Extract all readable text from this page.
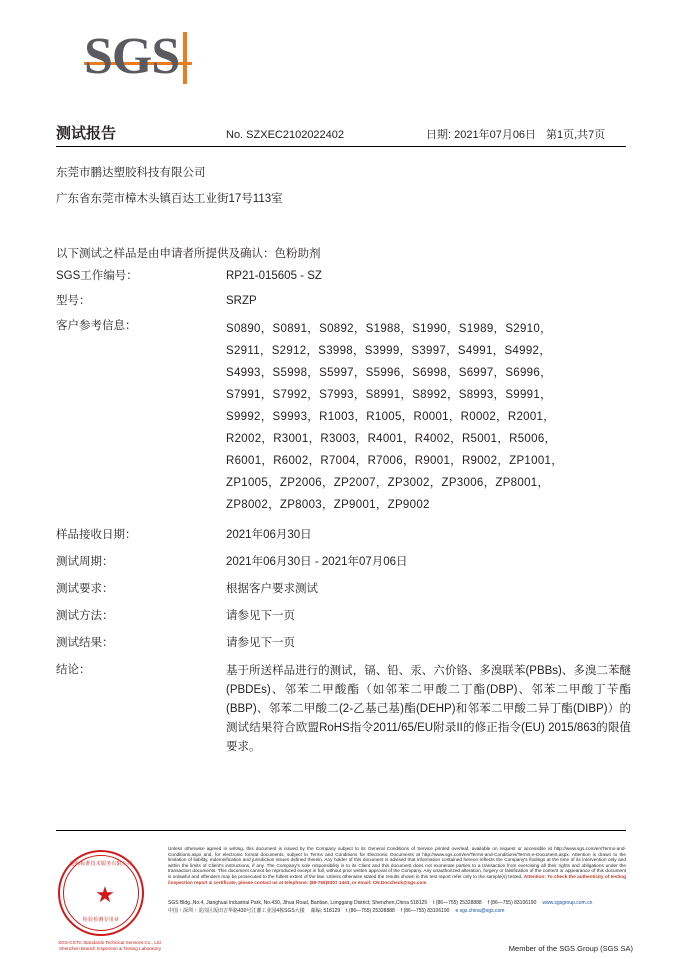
SGS
测试报告	No. SZXEC2102022402	日期: 2021年07月06日 第1页,共7页
东莞市鹏达塑胶科技有限公司
广东省东莞市樟木头镇百达工业街17号113室
以下测试之样品是由申请者所提供及确认：色粉助剂
SGS工作编号：	RP21-015605 - SZ
型号：	SRZP
客户参考信息：	S0890，S0891，S0892，S1988，S1990，S1989，S2910，
S2911，S2912，S3998，S3999，S3997，S4991，S4992，
S4993，S5998，S5997，S5996，S6998，S6997，S6996，
S7991，S7992，S7993，S8991，S8992，S8993，S9991，
S9992，S9993，R1003，R1005，R0001，R0002，R2001，
R2002，R3001，R3003，R4001，R4002，R5001，R5006，
R6001，R6002，R7004，R7006，R9001，R9002，ZP1001，
ZP1005，ZP2006，ZP2007，ZP3002，ZP3006，ZP8001，
ZP8002，ZP8003，ZP9001，ZP9002
样品接收日期：	2021年06月30日
测试周期：	2021年06月30日 - 2021年07月06日
测试要求：	根据客户要求测试
测试方法：	请参见下一页
测试结果：	请参见下一页
结论：	基于所送样品进行的测试，镉、铅、汞、六价铬、多溴联苯(PBBs)、多溴二苯醚(PBDEs)、邻苯二甲酸酯（如邻苯二甲酸二丁酯(DBP)、邻苯二甲酸丁苄酯(BBP)、邻苯二甲酸二(2-乙基己基)酯(DEHP)和邻苯二甲酸二异丁酯(DIBP)）的测试结果符合欧盟RoHS指令2011/65/EU附录II的修正指令(EU) 2015/863的限值要求。
通标标准技术服务有限公司
★
检验检测专用章
SGS-CSTC Standards Technical Services Co., Ltd.
Shenzhen Branch Inspection & Testing Laboratory
Unless otherwise agreed in writing, this document is issued by the Company subject to its General Conditions of Service printed overleaf, available on request or accessible at http://www.sgs.com/en/Terms-and-Conditions.aspx and, for electronic format documents, subject to Terms and Conditions for Electronic Documents at http://www.sgs.com/en/Terms-and-Conditions/Terms-e-Document.aspx. Attention is drawn to the limitation of liability, indemnification and jurisdiction issues defined therein. Any holder of this document is advised that information contained hereon reflects the Company's findings at the time of its intervention only and within the limits of Client's instructions, if any. The Company's sole responsibility is to its Client and this document does not exonerate parties to a transaction from exercising all their rights and obligations under the transaction documents. This document cannot be reproduced except in full, without prior written approval of the Company. Any unauthorized alteration, forgery or falsification of the content or appearance of this document is unlawful and offenders may be prosecuted to the fullest extent of the law. Unless otherwise stated the results shown in this test report refer only to the sample(s) tested. Attention: To check the authenticity of testing /inspection report & certificate, please contact us at telephone: (86-755)8307 1443, or email: CN.Doccheck@sgs.com
SGS Bldg.,No.4, Jianghuai Industrial Park, No.430, Jihua Road, Bantian, Longgang District, Shenzhen,China 518129 t (86—755) 25328888 f (86—755) 83106190 www.sgsgroup.com.cn
中国・深圳・龙岗区坂田吉华路430号江灌工业园4栋SGS大楼 邮编: 518129 t (86—755) 25328888 f (86—755) 83106190 e sgs.china@sgs.com
Member of the SGS Group (SGS SA)
